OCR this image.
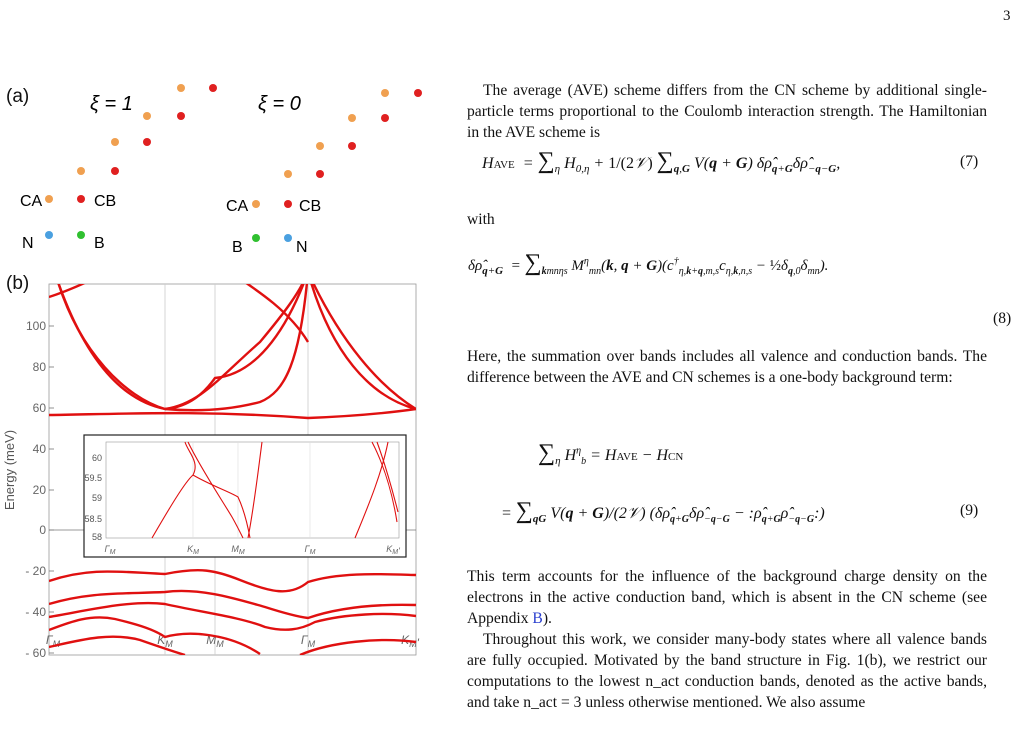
3
(a)
(b)
ξ = 1	ξ = 0
CA	CB
N	B
CA	CB
B	N
100
80
60
40
20
0
- 20
- 40
- 60
Energy (meV)
$\Gamma_M$	$K_M$	$M_M$	$\Gamma_M$	$K_M'$
60
59.5
59
58.5
58
$\Gamma_M$	$K_M$	$M_M$	$\Gamma_M$	$K_M'$

The average (AVE) scheme differs from the CN scheme by additional single-particle terms proportional to the Coulomb interaction strength. The Hamiltonian in the AVE scheme is

HAVE  = $\sum_\eta$ $H_{0,\eta}$ + 1/(2𝒱) $\sum_{q,G}$ V(q + G) $\delta\rhô_{q+G}\delta\rhô_{-q-G}$,	(7)

with

$\delta\rhô_{q+G} = \sum_{kmn\eta s}$ $M^\eta_{mn}(k$, $q + G)(c^\dagger_{\eta,k+q,m,s}c_{\eta,k,n,s}$ − $\frac{1}{2}\delta_{q,0}\delta_{mn}$).
(8)

Here, the summation over bands includes all valence and conduction bands. The difference between the AVE and CN schemes is a one-body background term:

$\sum_\eta$ $H^\eta_b$ = HAVE − HCN
= $\sum_{qG}$ V(q + G)/(2𝒱) ($\delta\rhô_{q+G}\delta\rhô_{-q-G}$ − $:\rhô_{q+G}\rhô_{-q-G}$:)	(9)

This term accounts for the influence of the background charge density on the electrons in the active conduction band, which is absent in the CN scheme (see Appendix B).

Throughout this work, we consider many-body states where all valence bands are fully occupied. Motivated by the band structure in Fig. 1(b), we restrict our computations to the lowest n_act conduction bands, denoted as the active bands, and take n_act = 3 unless otherwise mentioned. We also assume
